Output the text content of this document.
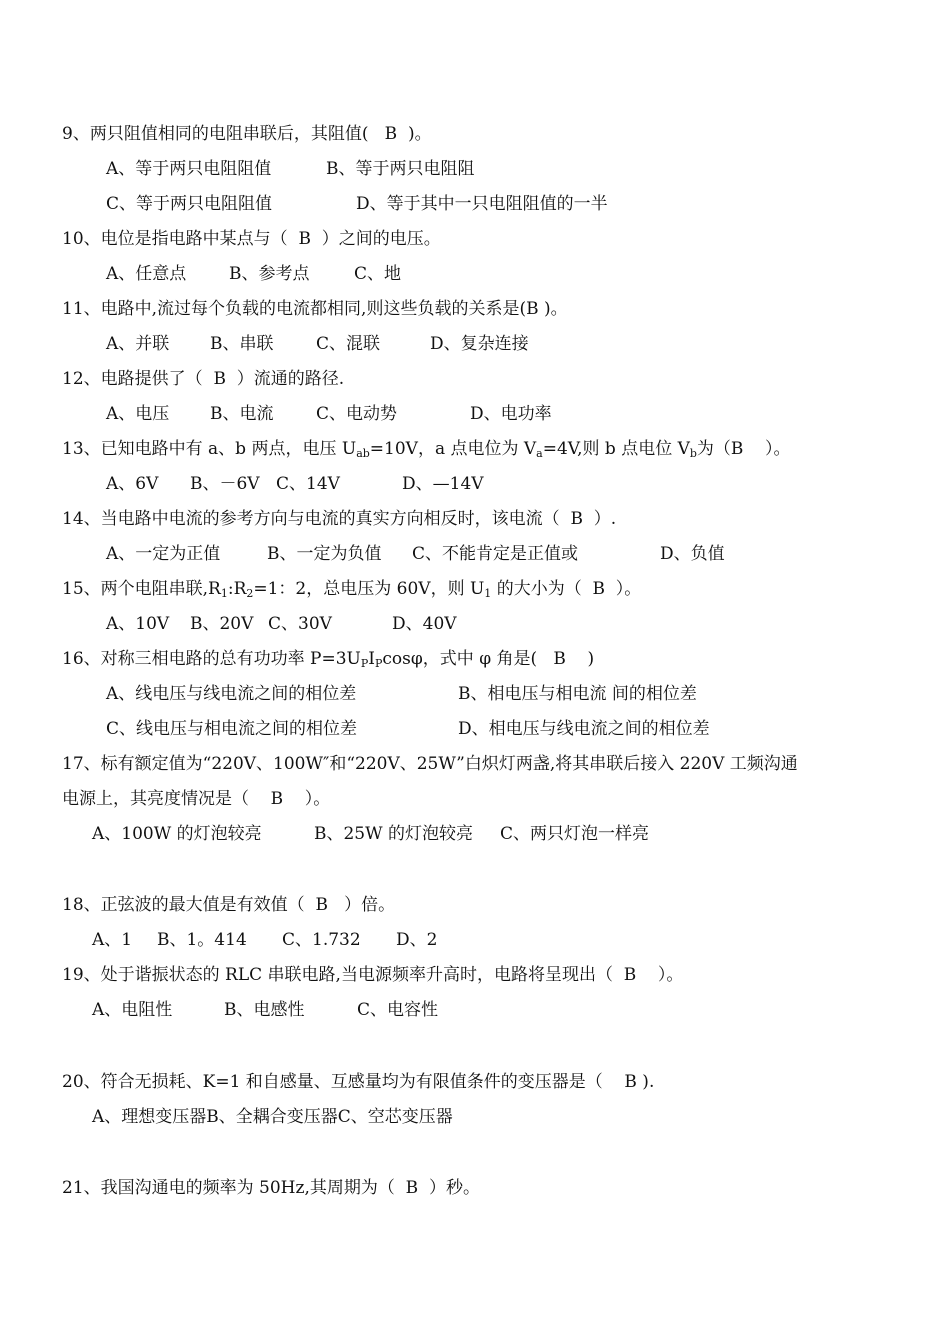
9、两只阻值相同的电阻串联后，其阻值(   B  )。
A、等于两只电阻阻值	B、等于两只电阻阻
C、等于两只电阻阻值	D、等于其中一只电阻阻值的一半
10、电位是指电路中某点与（  B  ）之间的电压。
A、任意点	B、参考点	C、地
11、电路中,流过每个负载的电流都相同,则这些负载的关系是(B )。
A、并联 B、串联	C、混联	D、复杂连接
12、电路提供了（  B  ）流通的路径.
A、电压 B、电流	C、电动势	D、电功率
13、已知电路中有 a、b 两点，电压 $U_{ab}=10V$，a 点电位为 $V_a=4V$,则 b 点电位 $V_b$为（B    ）。
A、6V B、－6V C、14V	D、—14V
14、当电路中电流的参考方向与电流的真实方向相反时，该电流（  B  ）.
A、一定为正值	B、一定为负值 C、不能肯定是正值或	D、负值
15、两个电阻串联$,R_1:R_2=1$：2，总电压为 60V，则 $U_1$ 的大小为（  B  ）。
A、10V B、20V C、30V	D、40V
16、对称三相电路的总有功功率 $P=3U_PI_P\cos\varphi$，式中 φ 角是(   B    )
A、线电压与线电流之间的相位差	B、相电压与相电流 间的相位差
C、线电压与相电流之间的相位差	D、相电压与线电流之间的相位差
17、标有额定值为“220V、100W″和“220V、25W”白炽灯两盏,将其串联后接入 220V 工频沟通
电源上，其亮度情况是（    B    ）。
A、100W 的灯泡较亮	B、25W 的灯泡较亮 C、两只灯泡一样亮
18、正弦波的最大值是有效值（  B   ）倍。
A、1 B、1。414 C、1.732 D、2
19、处于谐振状态的 RLC 串联电路,当电源频率升高时，电路将呈现出（  B    ）。
A、电阻性	B、电感性	C、电容性
20、符合无损耗、K=1 和自感量、互感量均为有限值条件的变压器是（    B ).
A、理想变压器B、全耦合变压器C、空芯变压器
21、我国沟通电的频率为 50Hz,其周期为（  B  ）秒。
